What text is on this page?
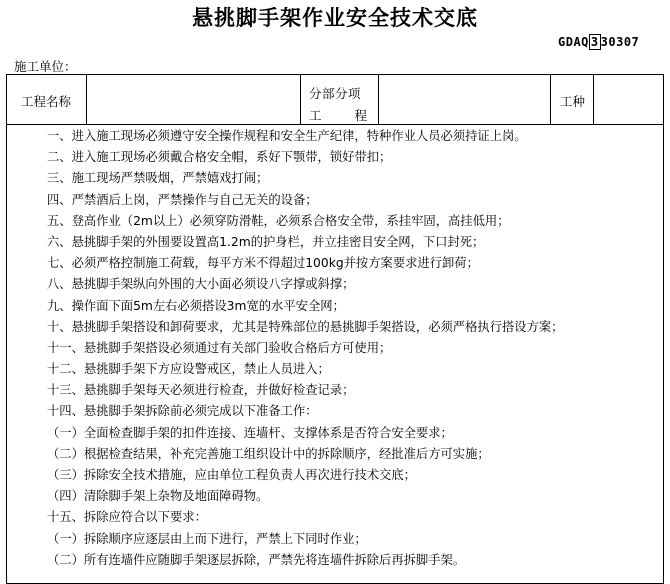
悬挑脚手架作业安全技术交底
GDAQ 3 30307
施工单位：
工程名称
分部分项
工	程
工种
一、进入施工现场必须遵守安全操作规程和安全生产纪律，特种作业人员必须持证上岗。
二、进入施工现场必须戴合格安全帽，系好下颚带，锁好带扣；
三、施工现场严禁吸烟，严禁嬉戏打闹；
四、严禁酒后上岗，严禁操作与自己无关的设备；
五、登高作业（2m以上）必须穿防滑鞋，必须系合格安全带，系挂牢固，高挂低用；
六、悬挑脚手架的外围要设置高1.2m的护身栏，并立挂密目安全网，下口封死；
七、必须严格控制施工荷载，每平方米不得超过100kg并按方案要求进行卸荷；
八、悬挑脚手架纵向外围的大小面必须设八字撑或斜撑；
九、操作面下面5m左右必须搭设3m宽的水平安全网；
十、悬挑脚手架搭设和卸荷要求，尤其是特殊部位的悬挑脚手架搭设，必须严格执行搭设方案；
十一、悬挑脚手架搭设必须通过有关部门验收合格后方可使用；
十二、悬挑脚手架下方应设警戒区，禁止人员进入；
十三、悬挑脚手架每天必须进行检查，并做好检查记录；
十四、悬挑脚手架拆除前必须完成以下准备工作：
（一）全面检查脚手架的扣件连接、连墙杆、支撑体系是否符合安全要求；
（二）根据检查结果，补充完善施工组织设计中的拆除顺序，经批准后方可实施；
（三）拆除安全技术措施，应由单位工程负责人再次进行技术交底；
（四）清除脚手架上杂物及地面障碍物。
十五、拆除应符合以下要求：
（一）拆除顺序应逐层由上而下进行，严禁上下同时作业；
（二）所有连墙件应随脚手架逐层拆除，严禁先将连墙件拆除后再拆脚手架。
